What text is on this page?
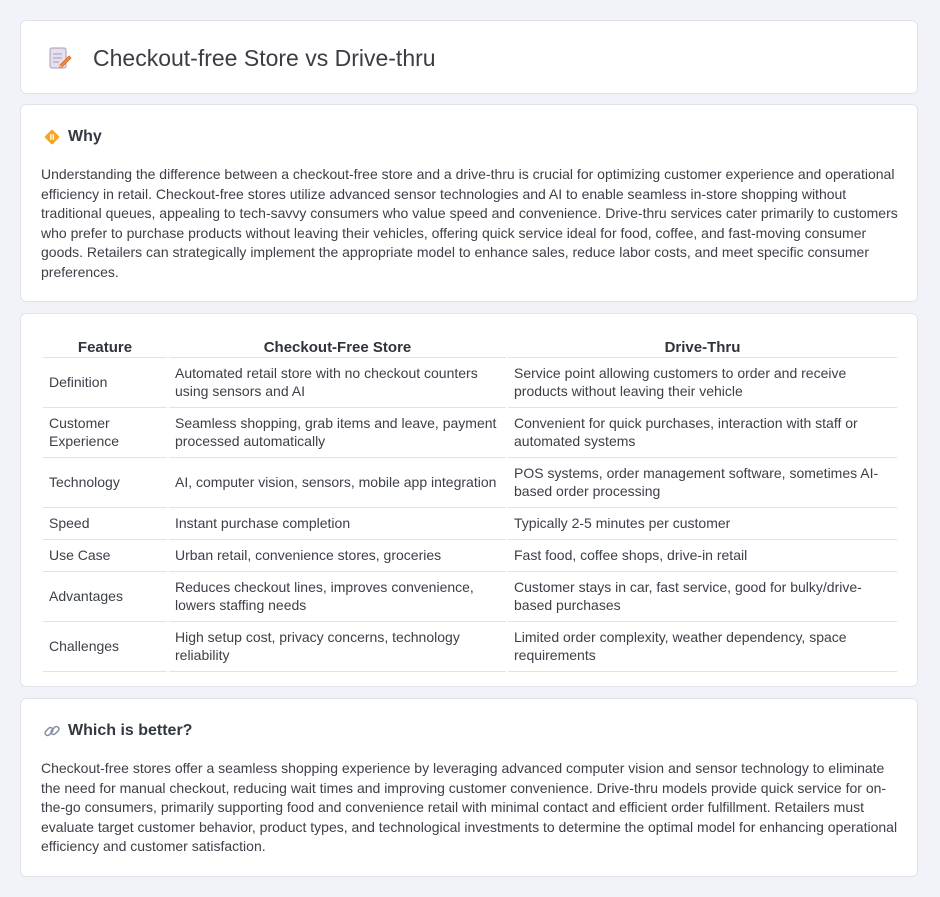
Checkout-free Store vs Drive-thru
Why

Understanding the difference between a checkout-free store and a drive-thru is crucial for optimizing customer experience and operational efficiency in retail. Checkout-free stores utilize advanced sensor technologies and AI to enable seamless in-store shopping without traditional queues, appealing to tech-savvy consumers who value speed and convenience. Drive-thru services cater primarily to customers who prefer to purchase products without leaving their vehicles, offering quick service ideal for food, coffee, and fast-moving consumer goods. Retailers can strategically implement the appropriate model to enhance sales, reduce labor costs, and meet specific consumer preferences.

Feature	Checkout-Free Store	Drive-Thru
Definition	Automated retail store with no checkout counters using sensors and AI	Service point allowing customers to order and receive products without leaving their vehicle
Customer Experience	Seamless shopping, grab items and leave, payment processed automatically	Convenient for quick purchases, interaction with staff or automated systems
Technology	AI, computer vision, sensors, mobile app integration	POS systems, order management software, sometimes AI-based order processing
Speed	Instant purchase completion	Typically 2-5 minutes per customer
Use Case	Urban retail, convenience stores, groceries	Fast food, coffee shops, drive-in retail
Advantages	Reduces checkout lines, improves convenience, lowers staffing needs	Customer stays in car, fast service, good for bulky/drive-based purchases
Challenges	High setup cost, privacy concerns, technology reliability	Limited order complexity, weather dependency, space requirements
Which is better?

Checkout-free stores offer a seamless shopping experience by leveraging advanced computer vision and sensor technology to eliminate the need for manual checkout, reducing wait times and improving customer convenience. Drive-thru models provide quick service for on-the-go consumers, primarily supporting food and convenience retail with minimal contact and efficient order fulfillment. Retailers must evaluate target customer behavior, product types, and technological investments to determine the optimal model for enhancing operational efficiency and customer satisfaction.
